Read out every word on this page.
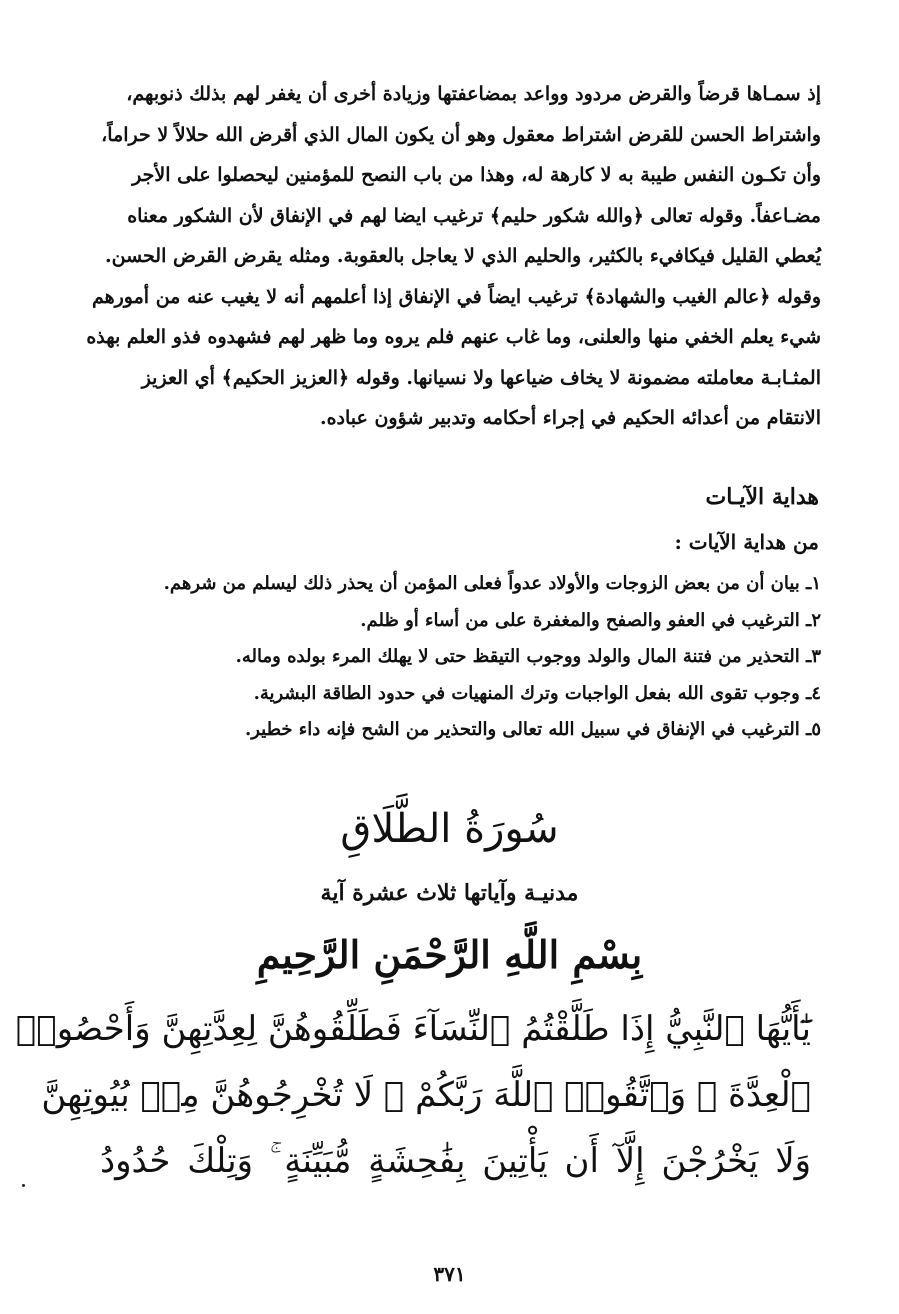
إذ سمـاها قرضاً والقرض مردود وواعد بمضاعفتها وزيادة أخرى أن يغفر لهم بذلك ذنوبهم،

واشتراط الحسن للقرض اشتراط معقول وهو أن يكون المال الذي أقرض الله حلالاً لا حراماً،

وأن تكـون النفس طيبة به لا كارهة له، وهذا من باب النصح للمؤمنين ليحصلوا على الأجر

مضـاعفاً. وقوله تعالى ﴿والله شكور حليم﴾ ترغيب ايضا لهم في الإنفاق لأن الشكور معناه

يُعطي القليل فيكافيء بالكثير، والحليم الذي لا يعاجل بالعقوبة. ومثله يقرض القرض الحسن.

وقوله ﴿عالم الغيب والشهادة﴾ ترغيب ايضاً في الإنفاق إذا أعلمهم أنه لا يغيب عنه من أمورهم

شيء يعلم الخفي منها والعلنى، وما غاب عنهم فلم يروه وما ظهر لهم فشهدوه فذو العلم بهذه

المثـابـة معاملته مضمونة لا يخاف ضياعها ولا نسيانها. وقوله ﴿العزيز الحكيم﴾ أي العزيز

الانتقام من أعدائه الحكيم في إجراء أحكامه وتدبير شؤون عباده.

هداية الآيـات
من هداية الآيات :
١ـ بيان أن من بعض الزوجات والأولاد عدواً فعلى المؤمن أن يحذر ذلك ليسلم من شرهم.
٢ـ الترغيب في العفو والصفح والمغفرة على من أساء أو ظلم.
٣ـ التحذير من فتنة المال والولد ووجوب التيقظ حتى لا يهلك المرء بولده وماله.
٤ـ وجوب تقوى الله بفعل الواجبات وترك المنهيات في حدود الطاقة البشرية.
٥ـ الترغيب في الإنفاق في سبيل الله تعالى والتحذير من الشح فإنه داء خطير.
سُورَةُ الطَّلَاقِ
مدنيـة وآياتها ثلاث عشرة آية
بِسْمِ اللَّهِ الرَّحْمَنِ الرَّحِيمِ
يَٰٓأَيُّهَا ٱلنَّبِيُّ إِذَا طَلَّقْتُمُ ٱلنِّسَآءَ فَطَلِّقُوهُنَّ لِعِدَّتِهِنَّ وَأَحْصُوا۟
ٱلْعِدَّةَ ۖ وَٱتَّقُوا۟ ٱللَّهَ رَبَّكُمْ ۖ لَا تُخْرِجُوهُنَّ مِنۢ بُيُوتِهِنَّ
وَلَا يَخْرُجْنَ إِلَّآ أَن يَأْتِينَ بِفَٰحِشَةٍ مُّبَيِّنَةٍ ۚ وَتِلْكَ حُدُودُ
٣٧١
